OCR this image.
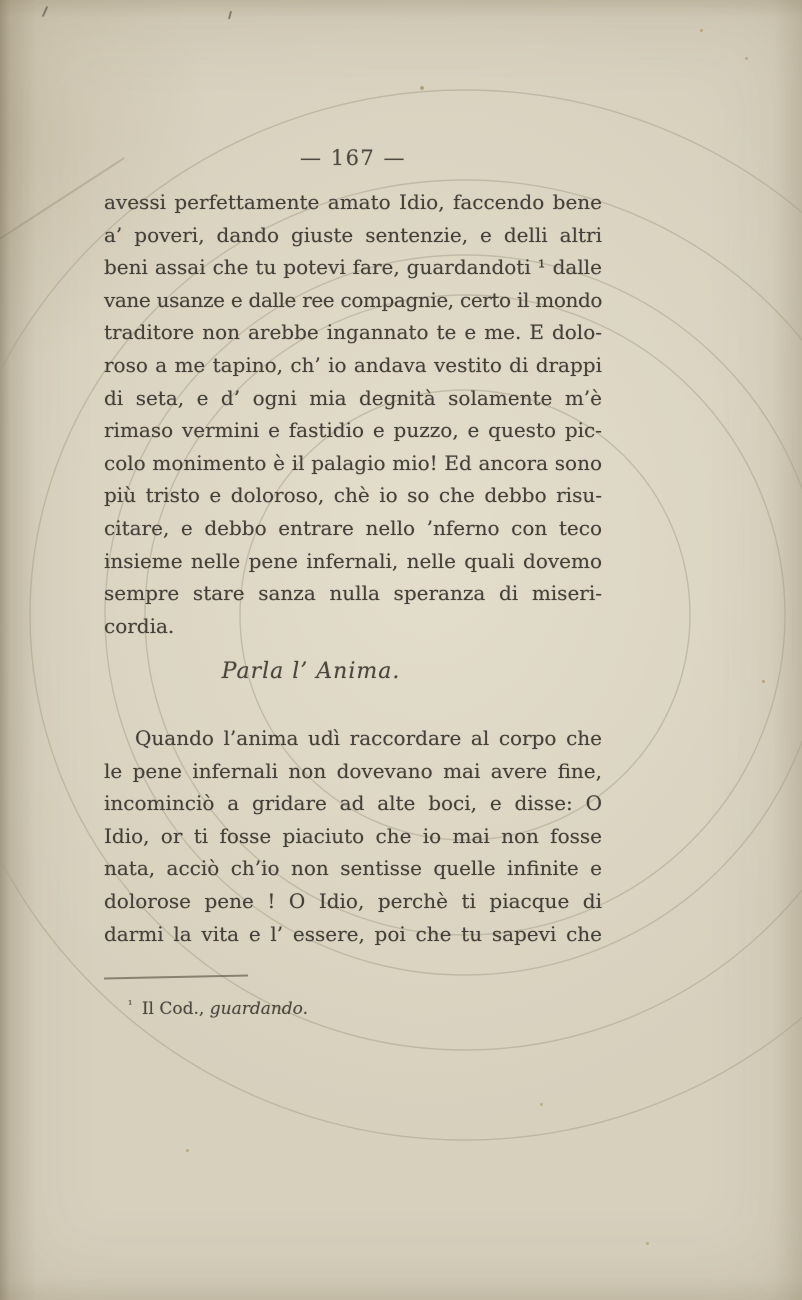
— 167 —
avessi perfettamente amato Idio, faccendo bene
a’ poveri, dando giuste sentenzie, e delli altri
beni assai che tu potevi fare, guardandoti ¹ dalle
vane usanze e dalle ree compagnie, certo il mondo
traditore non arebbe ingannato te e me. E dolo-
roso a me tapino, ch’ io andava vestito di drappi
di seta, e d’ ogni mia degnità solamente m’è
rimaso vermini e fastidio e puzzo, e questo pic-
colo monimento è il palagio mio! Ed ancora sono
più tristo e doloroso, chè io so che debbo risu-
citare, e debbo entrare nello ’nferno con teco
insieme nelle pene infernali, nelle quali dovemo
sempre stare sanza nulla speranza di miseri-
cordia.
Parla l’ Anima.
Quando l’anima udì raccordare al corpo che
le pene infernali non dovevano mai avere fine,
incominciò a gridare ad alte boci, e disse: O
Idio, or ti fosse piaciuto che io mai non fosse
nata, acciò ch’io non sentisse quelle infinite e
dolorose pene ! O Idio, perchè ti piacque di
darmi la vita e l’ essere, poi che tu sapevi che
$^{^1}$ Il Cod., guardando.
